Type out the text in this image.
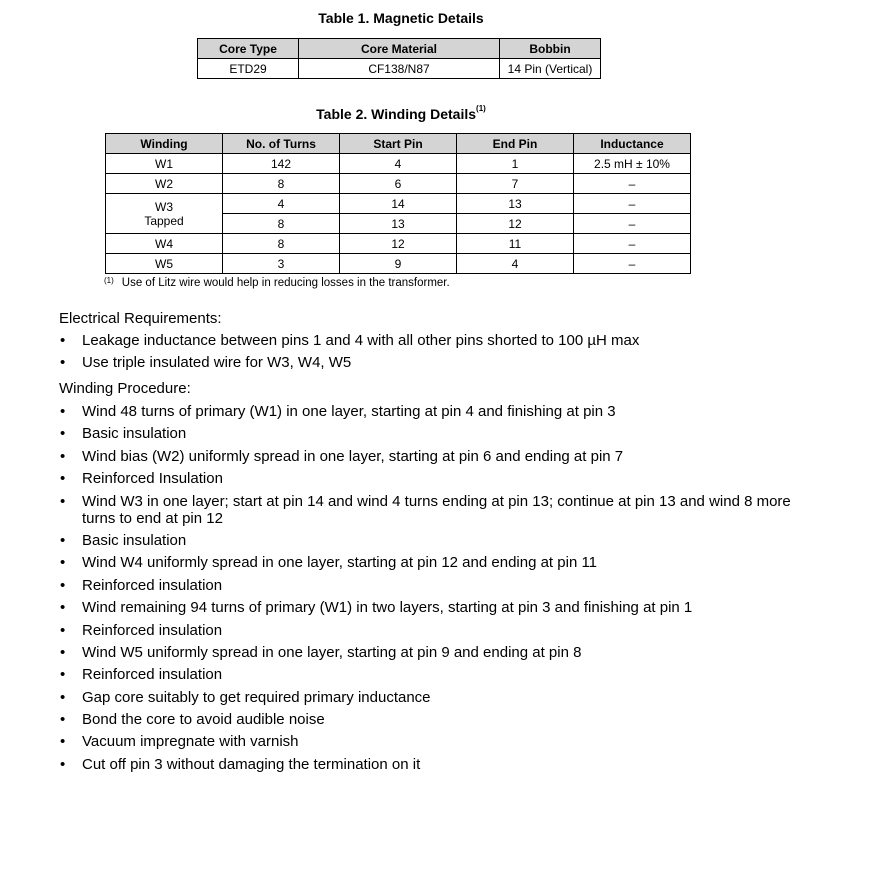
Table 1. Magnetic Details

Core Type	Core Material	Bobbin
ETD29	CF138/N87	14 Pin (Vertical)

Table 2. Winding Details$^{(1)}$

Winding	No. of Turns	Start Pin	End Pin	Inductance
W1	142	4	1	2.5 mH ± 10%
W2	8	6	7	–
W3
Tapped	4	14	13	–
	8	13	12	–
W4	8	12	11	–
W5	3	9	4	–

$^{(1)}$ Use of Litz wire would help in reducing losses in the transformer.

Electrical Requirements:

• Leakage inductance between pins 1 and 4 with all other pins shorted to 100 µH max
• Use triple insulated wire for W3, W4, W5

Winding Procedure:

• Wind 48 turns of primary (W1) in one layer, starting at pin 4 and finishing at pin 3
• Basic insulation
• Wind bias (W2) uniformly spread in one layer, starting at pin 6 and ending at pin 7
• Reinforced Insulation
• Wind W3 in one layer; start at pin 14 and wind 4 turns ending at pin 13; continue at pin 13 and wind 8 more turns to end at pin 12
• Basic insulation
• Wind W4 uniformly spread in one layer, starting at pin 12 and ending at pin 11
• Reinforced insulation
• Wind remaining 94 turns of primary (W1) in two layers, starting at pin 3 and finishing at pin 1
• Reinforced insulation
• Wind W5 uniformly spread in one layer, starting at pin 9 and ending at pin 8
• Reinforced insulation
• Gap core suitably to get required primary inductance
• Bond the core to avoid audible noise
• Vacuum impregnate with varnish
• Cut off pin 3 without damaging the termination on it
